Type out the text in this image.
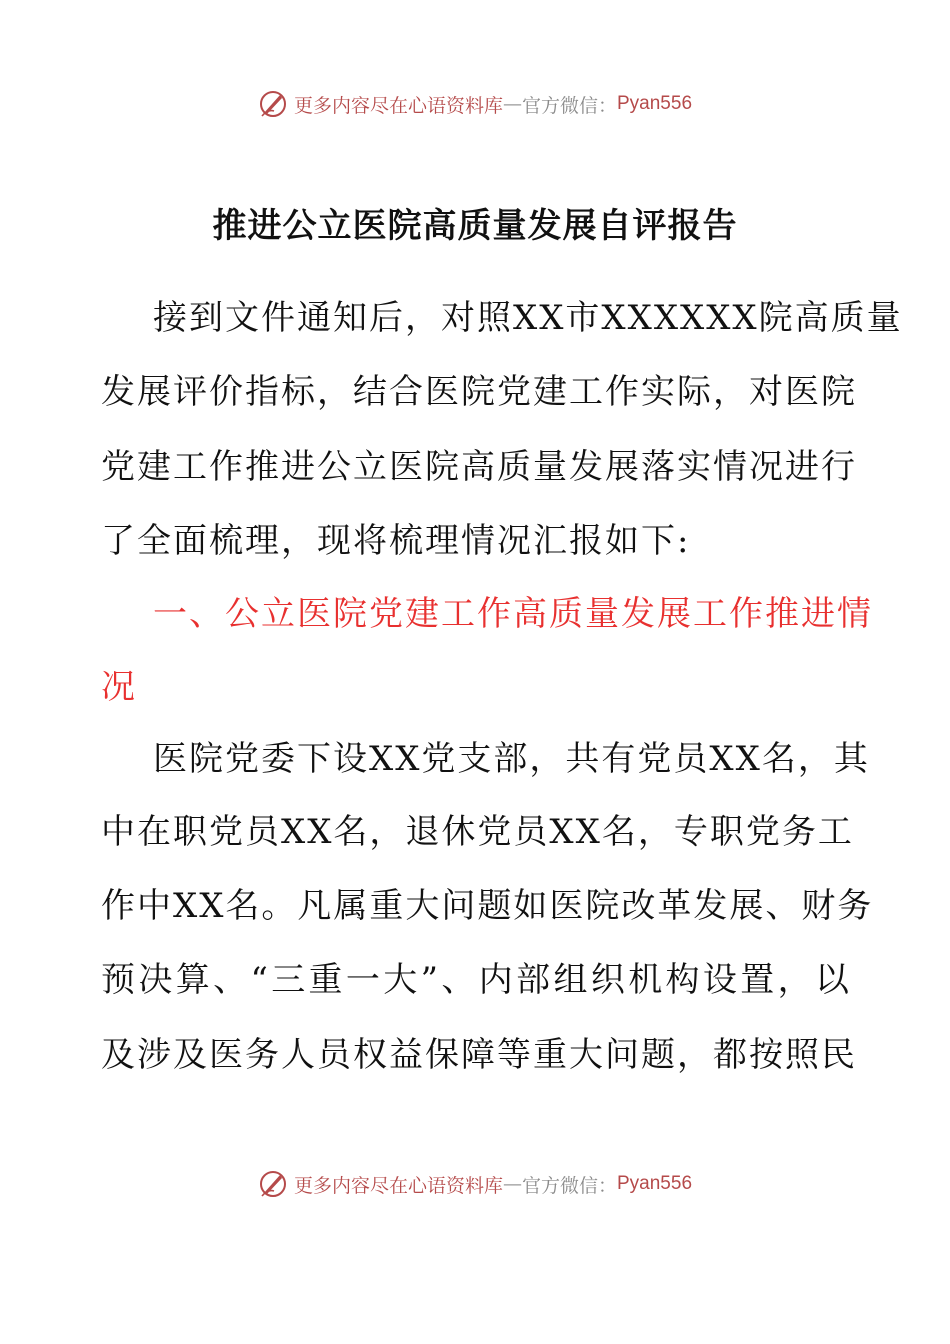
更多内容尽在心语资料库 — 官方微信： Pyan556
推进公立医院高质量发展自评报告
接到文件通知后，对照XX市XXXXXX院高质量
发展评价指标，结合医院党建工作实际，对医院
党建工作推进公立医院高质量发展落实情况进行
了全面梳理，现将梳理情况汇报如下:
一、公立医院党建工作高质量发展工作推进情
况
医院党委下设XX党支部，共有党员XX名，其
中在职党员XX名，退休党员XX名，专职党务工
作中XX名。凡属重大问题如医院改革发展、财务
预决算、“三重一大”、内部组织机构设置，以
及涉及医务人员权益保障等重大问题，都按照民
更多内容尽在心语资料库 — 官方微信： Pyan556
